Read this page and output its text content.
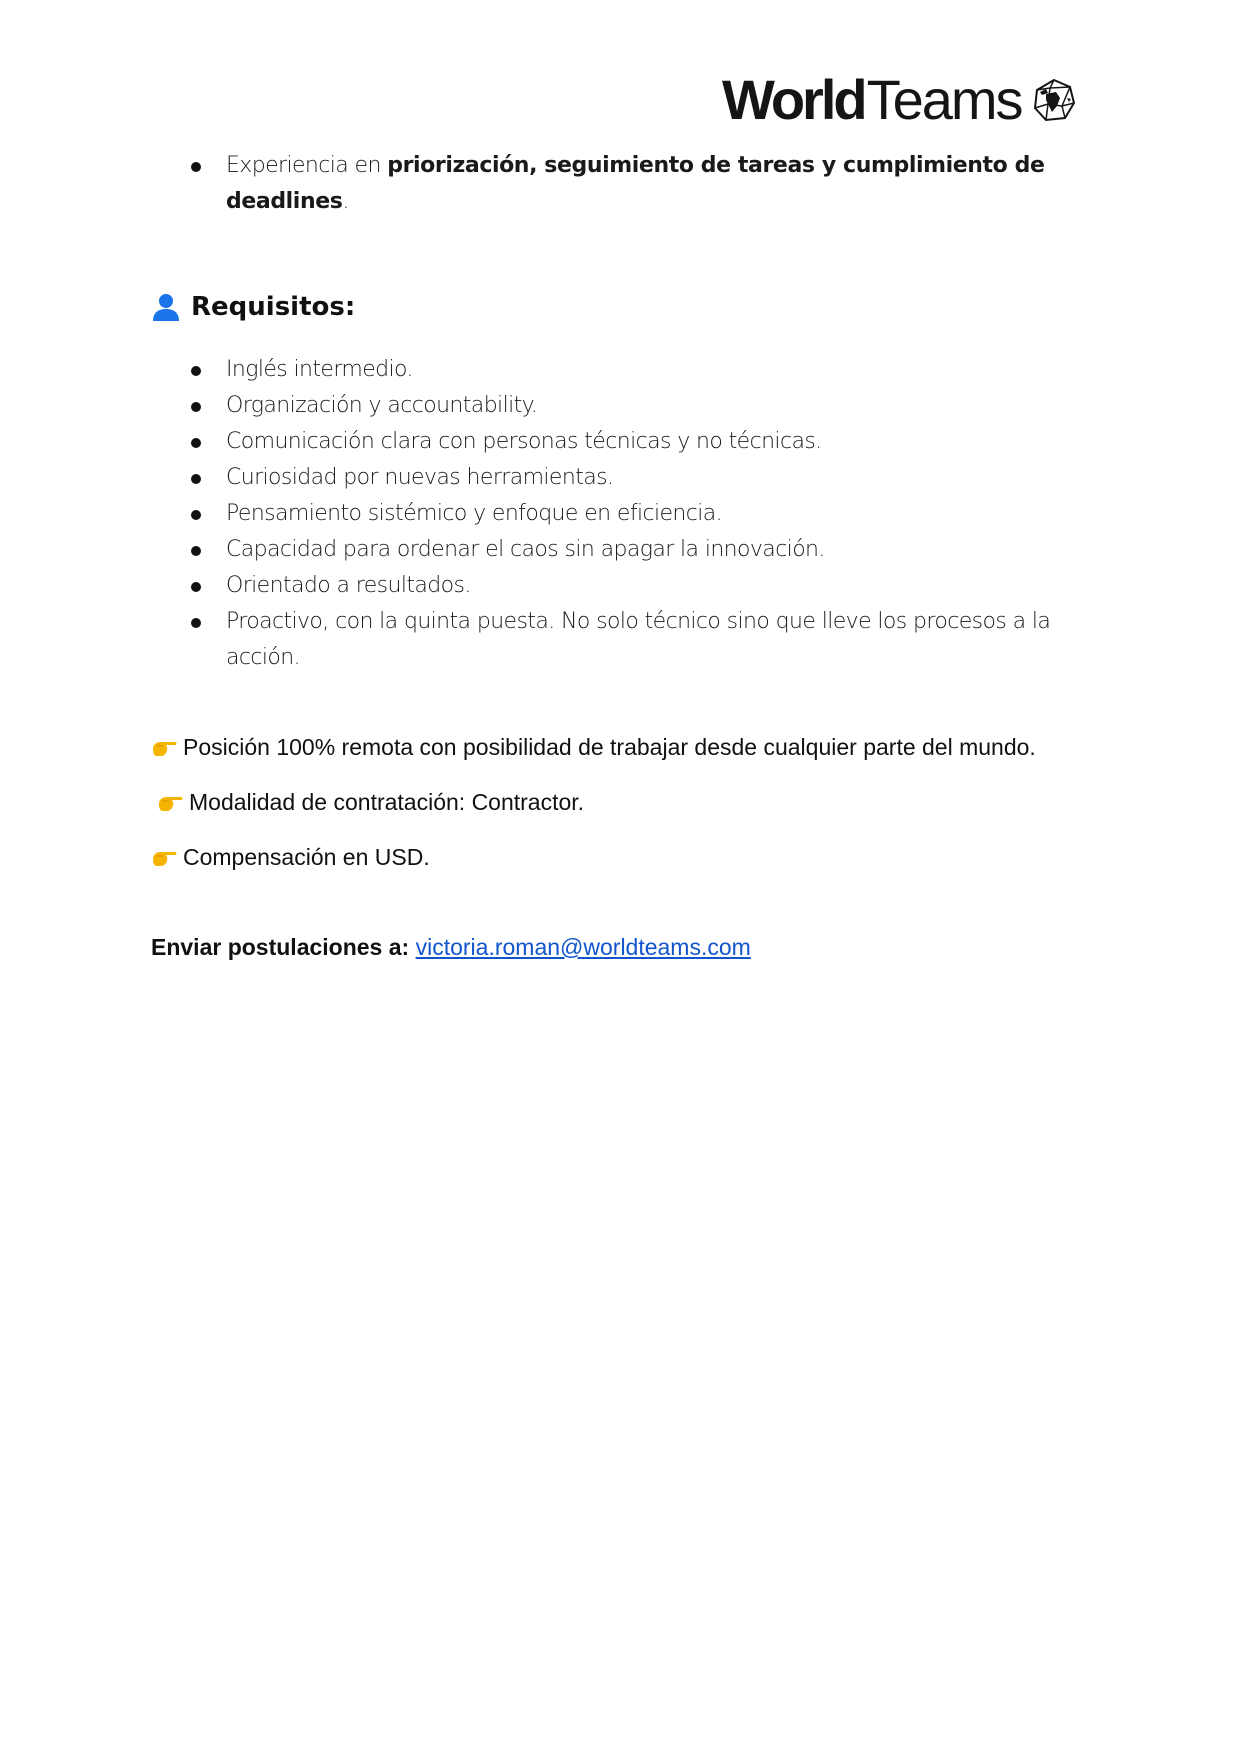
World Teams
Experiencia en priorización, seguimiento de tareas y cumplimiento de deadlines.
Requisitos:
Inglés intermedio.
Organización y accountability.
Comunicación clara con personas técnicas y no técnicas.
Curiosidad por nuevas herramientas.
Pensamiento sistémico y enfoque en eficiencia.
Capacidad para ordenar el caos sin apagar la innovación.
Orientado a resultados.
Proactivo, con la quinta puesta. No solo técnico sino que lleve los procesos a la acción.
Posición 100% remota con posibilidad de trabajar desde cualquier parte del mundo.
Modalidad de contratación: Contractor.
Compensación en USD.
Enviar postulaciones a: victoria.roman@worldteams.com
